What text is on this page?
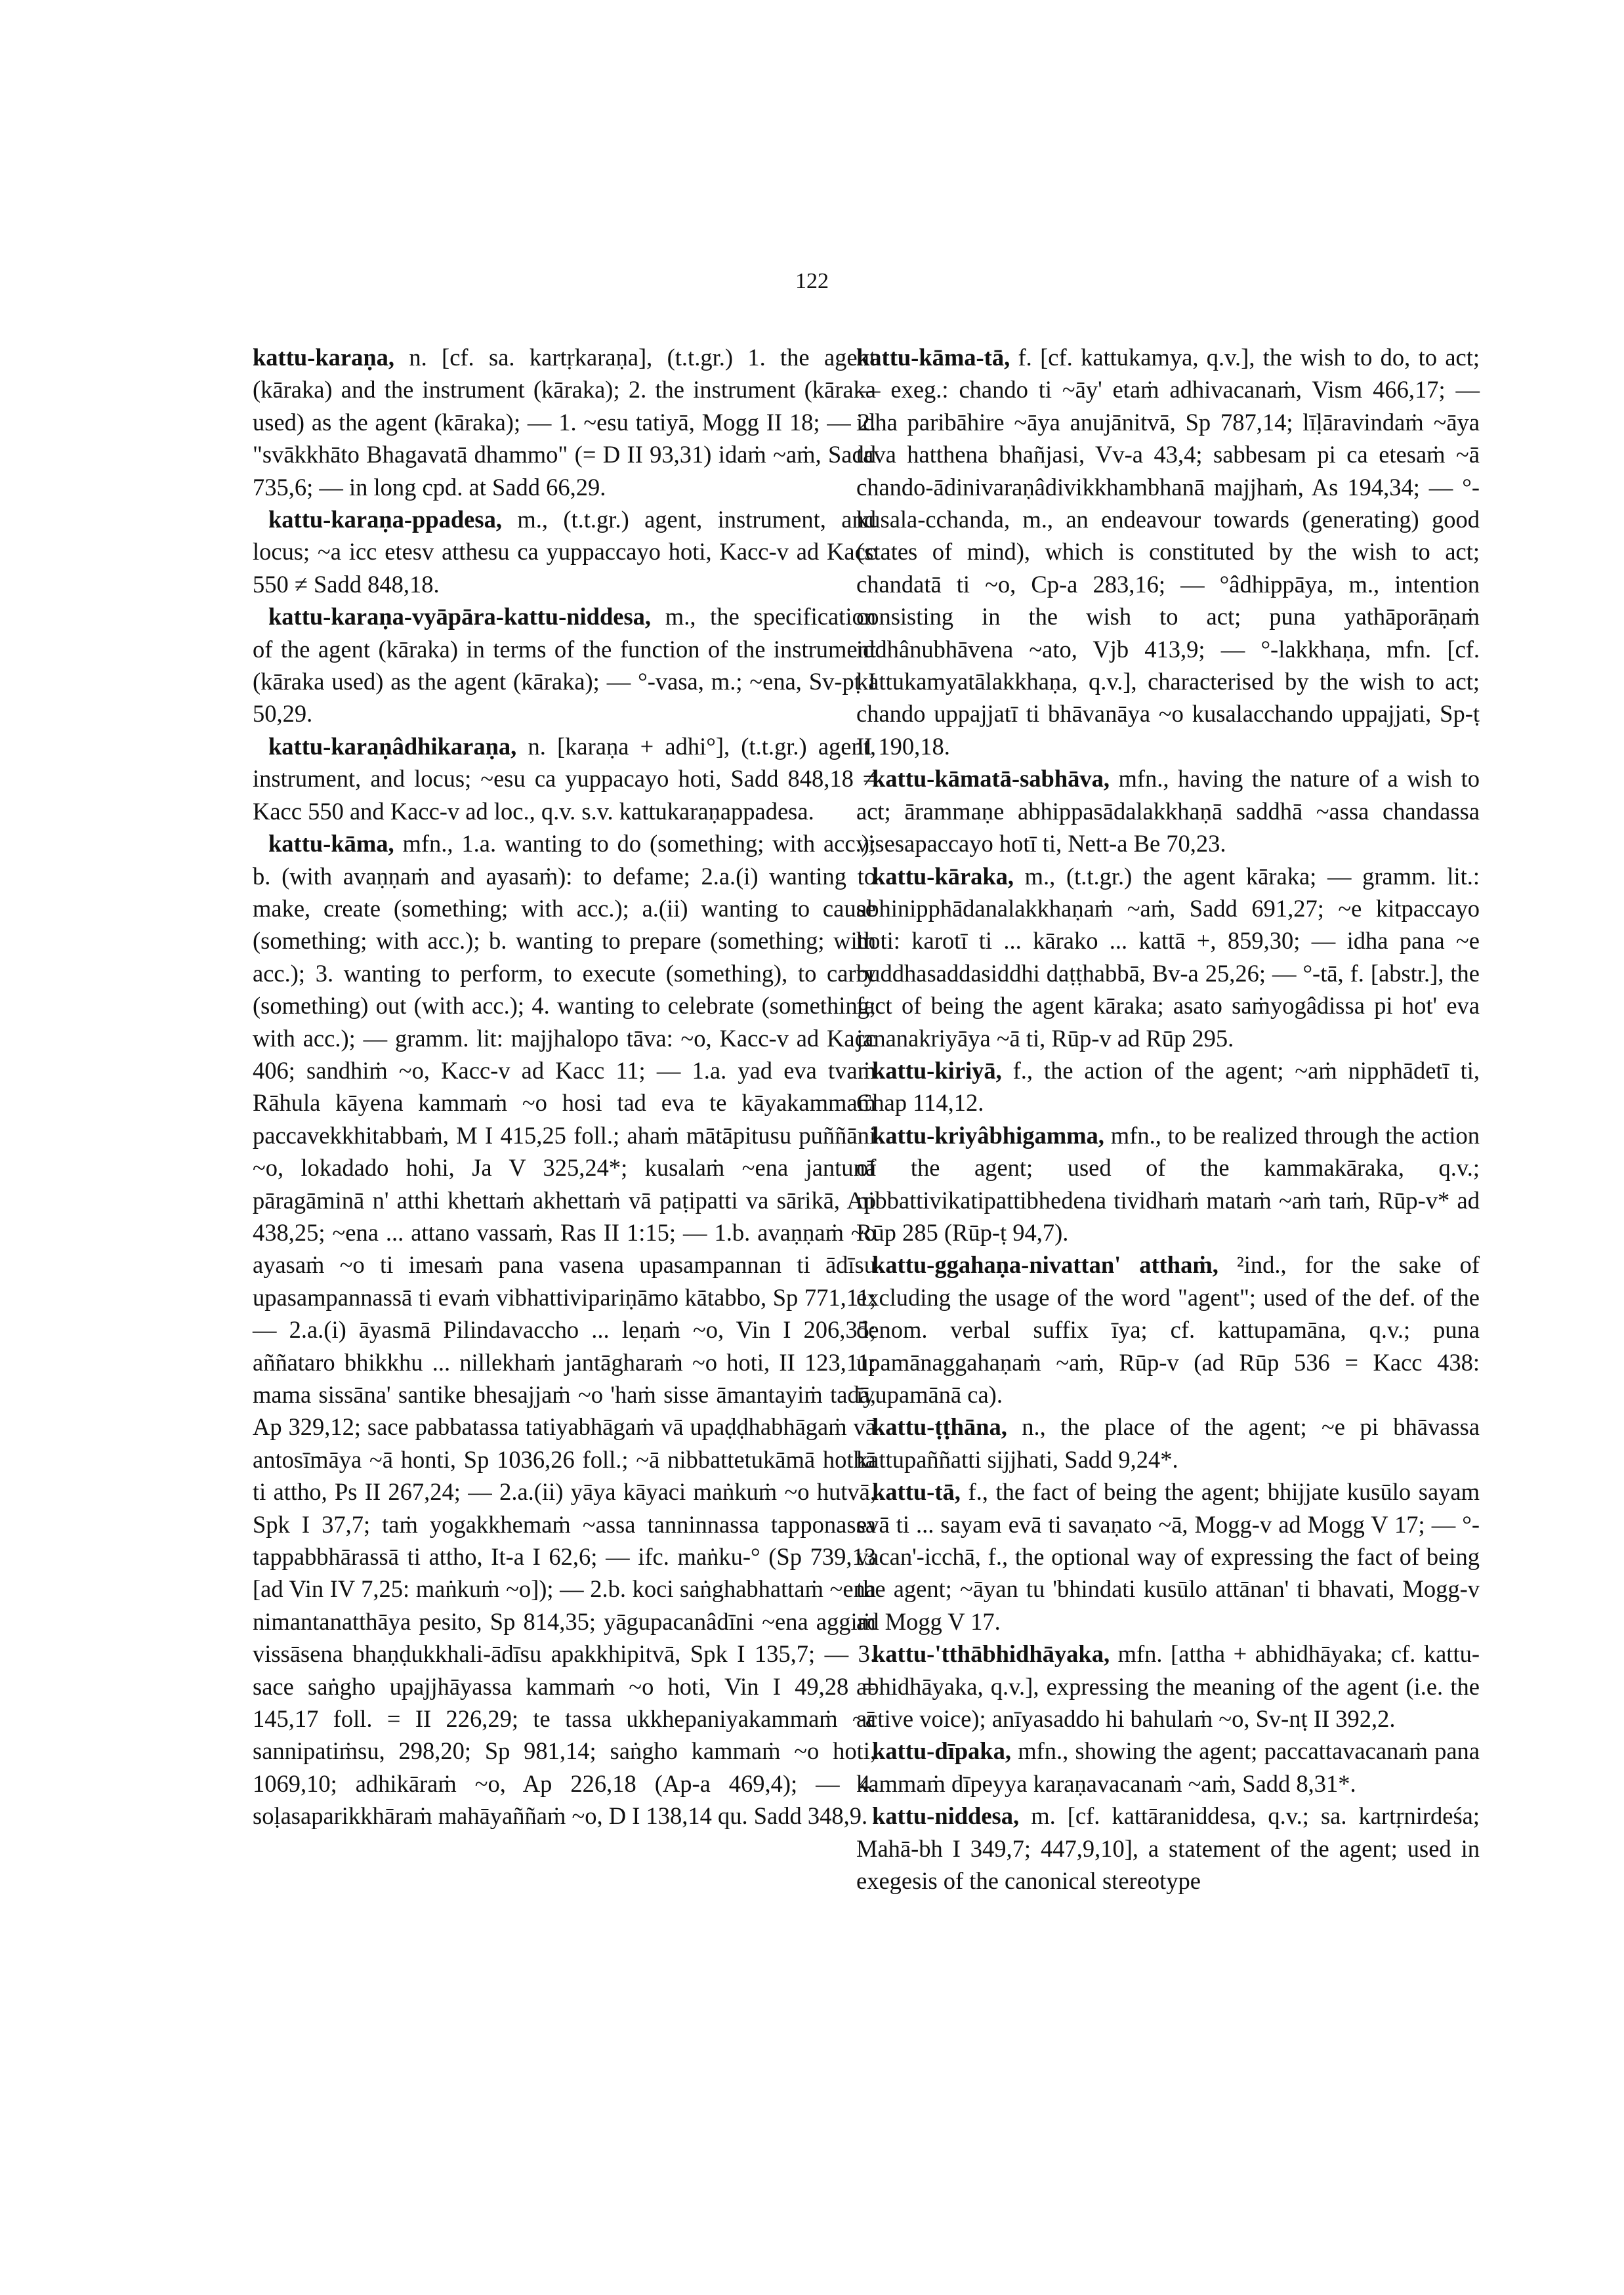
122

kattu-karaṇa, n. [cf. sa. kartṛkaraṇa], (t.t.gr.) 1. the agent (kāraka) and the instrument (kāraka); 2. the instrument (kāraka used) as the agent (kāraka); — 1. ~esu tatiyā, Mogg II 18; — 2. "svākkhāto Bhagavatā dhammo" (= D II 93,31) idaṁ ~aṁ, Sadd 735,6; — in long cpd. at Sadd 66,29.

kattu-karaṇa-ppadesa, m., (t.t.gr.) agent, instrument, and locus; ~a icc etesv atthesu ca yuppaccayo hoti, Kacc-v ad Kacc 550 ≠ Sadd 848,18.

kattu-karaṇa-vyāpāra-kattu-niddesa, m., the specification of the agent (kāraka) in terms of the function of the instrument (kāraka used) as the agent (kāraka); — °-vasa, m.; ~ena, Sv-pṭ I 50,29.

kattu-karaṇâdhikaraṇa, n. [karaṇa + adhi°], (t.t.gr.) agent, instrument, and locus; ~esu ca yuppacayo hoti, Sadd 848,18 ≠ Kacc 550 and Kacc-v ad loc., q.v. s.v. kattukaraṇappadesa.

kattu-kāma, mfn., 1.a. wanting to do (something; with acc.); b. (with avaṇṇaṁ and ayasaṁ): to defame; 2.a.(i) wanting to make, create (something; with acc.); a.(ii) wanting to cause (something; with acc.); b. wanting to prepare (something; with acc.); 3. wanting to perform, to execute (something), to carry (something) out (with acc.); 4. wanting to celebrate (something; with acc.); — gramm. lit: majjhalopo tāva: ~o, Kacc-v ad Kacc 406; sandhiṁ ~o, Kacc-v ad Kacc 11; — 1.a. yad eva tvaṁ Rāhula kāyena kammaṁ ~o hosi tad eva te kāyakammaṁ paccavekkhitabbaṁ, M I 415,25 foll.; ahaṁ mātāpitusu puññāni ~o, lokadado hohi, Ja V 325,24*; kusalaṁ ~ena jantunā pāragāminā n' atthi khettaṁ akhettaṁ vā paṭipatti va sārikā, Ap 438,25; ~ena ... attano vassaṁ, Ras II 1:15; — 1.b. avaṇṇaṁ ~o ayasaṁ ~o ti imesaṁ pana vasena upasampannan ti ādīsu upasampannassā ti evaṁ vibhattivipariṇāmo kātabbo, Sp 771,11; — 2.a.(i) āyasmā Pilindavaccho ... leṇaṁ ~o, Vin I 206,35; aññataro bhikkhu ... nillekhaṁ jantāgharaṁ ~o hoti, II 123,11; mama sissāna' santike bhesajjaṁ ~o 'haṁ sisse āmantayiṁ tadā, Ap 329,12; sace pabbatassa tatiyabhāgaṁ vā upaḍḍhabhāgaṁ vā antosīmāya ~ā honti, Sp 1036,26 foll.; ~ā nibbattetukāmā hothā ti attho, Ps II 267,24; — 2.a.(ii) yāya kāyaci maṅkuṁ ~o hutvā, Spk I 37,7; taṁ yogakkhemaṁ ~assa tanninnassa tapponassa tappabbhārassā ti attho, It-a I 62,6; — ifc. maṅku-° (Sp 739,13 [ad Vin IV 7,25: maṅkuṁ ~o]); — 2.b. koci saṅghabhattaṁ ~ena nimantanatthāya pesito, Sp 814,35; yāgupacanâdīni ~ena aggiṁ vissāsena bhaṇḍukkhali-ādīsu apakkhipitvā, Spk I 135,7; — 3. sace saṅgho upajjhāyassa kammaṁ ~o hoti, Vin I 49,28 = 145,17 foll. = II 226,29; te tassa ukkhepaniyakammaṁ ~ā sannipatiṁsu, 298,20; Sp 981,14; saṅgho kammaṁ ~o hoti, 1069,10; adhikāraṁ ~o, Ap 226,18 (Ap-a 469,4); — 4. soḷasaparikkhāraṁ mahāyaññaṁ ~o, D I 138,14 qu. Sadd 348,9.

kattu-kāma-tā, f. [cf. kattukamya, q.v.], the wish to do, to act; — exeg.: chando ti ~āy' etaṁ adhivacanaṁ, Vism 466,17; — idha paribāhire ~āya anujānitvā, Sp 787,14; līḷāravindaṁ ~āya tava hatthena bhañjasi, Vv-a 43,4; sabbesam pi ca etesaṁ ~ā chando-ādinivaraṇâdivikkhambhanā majjhaṁ, As 194,34; — °-kusala-cchanda, m., an endeavour towards (generating) good (states of mind), which is constituted by the wish to act; chandatā ti ~o, Cp-a 283,16; — °âdhippāya, m., intention consisting in the wish to act; puna yathāporāṇaṁ iddhânubhāvena ~ato, Vjb 413,9; — °-lakkhaṇa, mfn. [cf. kattukamyatālakkhaṇa, q.v.], characterised by the wish to act; chando uppajjatī ti bhāvanāya ~o kusalacchando uppajjati, Sp-ṭ II 190,18.

kattu-kāmatā-sabhāva, mfn., having the nature of a wish to act; ārammaṇe abhippasādalakkhaṇā saddhā ~assa chandassa visesapaccayo hotī ti, Nett-a Be 70,23.

kattu-kāraka, m., (t.t.gr.) the agent kāraka; — gramm. lit.: abhinipphādanalakkhaṇaṁ ~aṁ, Sadd 691,27; ~e kitpaccayo hoti: karotī ti ... kārako ... kattā +, 859,30; — idha pana ~e buddhasaddasiddhi daṭṭhabbā, Bv-a 25,26; — °-tā, f. [abstr.], the fact of being the agent kāraka; asato saṁyogâdissa pi hot' eva jananakriyāya ~ā ti, Rūp-v ad Rūp 295.

kattu-kiriyā, f., the action of the agent; ~aṁ nipphādetī ti, Chap 114,12.

kattu-kriyâbhigamma, mfn., to be realized through the action of the agent; used of the kammakāraka, q.v.; nibbattivikatipattibhedena tividhaṁ mataṁ ~aṁ taṁ, Rūp-v* ad Rūp 285 (Rūp-ṭ 94,7).

kattu-ggahaṇa-nivattan' atthaṁ, ²ind., for the sake of excluding the usage of the word "agent"; used of the def. of the denom. verbal suffix īya; cf. kattupamāna, q.v.; puna upamānaggahaṇaṁ ~aṁ, Rūp-v (ad Rūp 536 = Kacc 438: īyupamānā ca).

kattu-ṭṭhāna, n., the place of the agent; ~e pi bhāvassa kattupaññatti sijjhati, Sadd 9,24*.

kattu-tā, f., the fact of being the agent; bhijjate kusūlo sayam evā ti ... sayam evā ti savaṇato ~ā, Mogg-v ad Mogg V 17; — °-vacan'-icchā, f., the optional way of expressing the fact of being the agent; ~āyan tu 'bhindati kusūlo attānan' ti bhavati, Mogg-v ad Mogg V 17.

kattu-'tthābhidhāyaka, mfn. [attha + abhidhāyaka; cf. kattu-abhidhāyaka, q.v.], expressing the meaning of the agent (i.e. the active voice); anīyasaddo hi bahulaṁ ~o, Sv-nṭ II 392,2.

kattu-dīpaka, mfn., showing the agent; paccattavacanaṁ pana kammaṁ dīpeyya karaṇavacanaṁ ~aṁ, Sadd 8,31*.

kattu-niddesa, m. [cf. kattāraniddesa, q.v.; sa. kartṛnirdeśa; Mahā-bh I 349,7; 447,9,10], a statement of the agent; used in exegesis of the canonical stereotype
